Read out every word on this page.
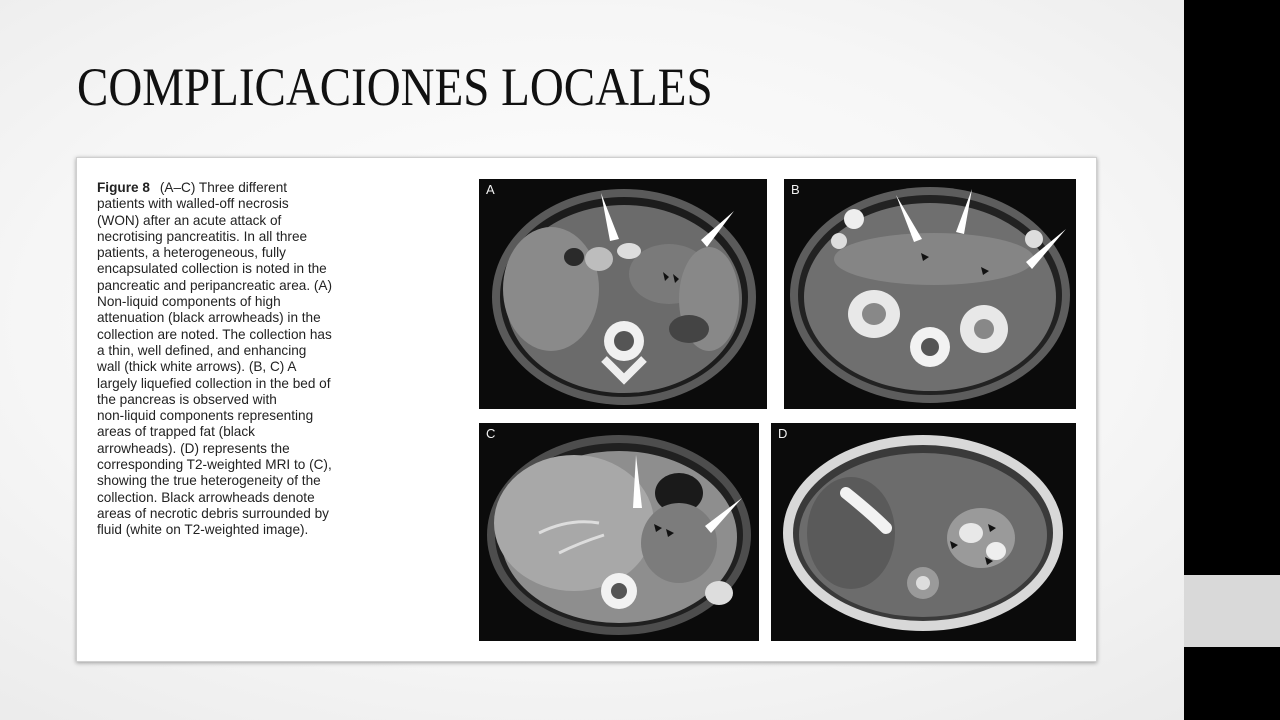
COMPLICACIONES LOCALES

Figure 8 (A–C) Three different
patients with walled-off necrosis
(WON) after an acute attack of
necrotising pancreatitis. In all three
patients, a heterogeneous, fully
encapsulated collection is noted in the
pancreatic and peripancreatic area. (A)
Non-liquid components of high
attenuation (black arrowheads) in the
collection are noted. The collection has
a thin, well defined, and enhancing
wall (thick white arrows). (B, C) A
largely liquefied collection in the bed of
the pancreas is observed with
non-liquid components representing
areas of trapped fat (black
arrowheads). (D) represents the
corresponding T2-weighted MRI to (C),
showing the true heterogeneity of the
collection. Black arrowheads denote
areas of necrotic debris surrounded by
fluid (white on T2-weighted image).

A	B
C	D
